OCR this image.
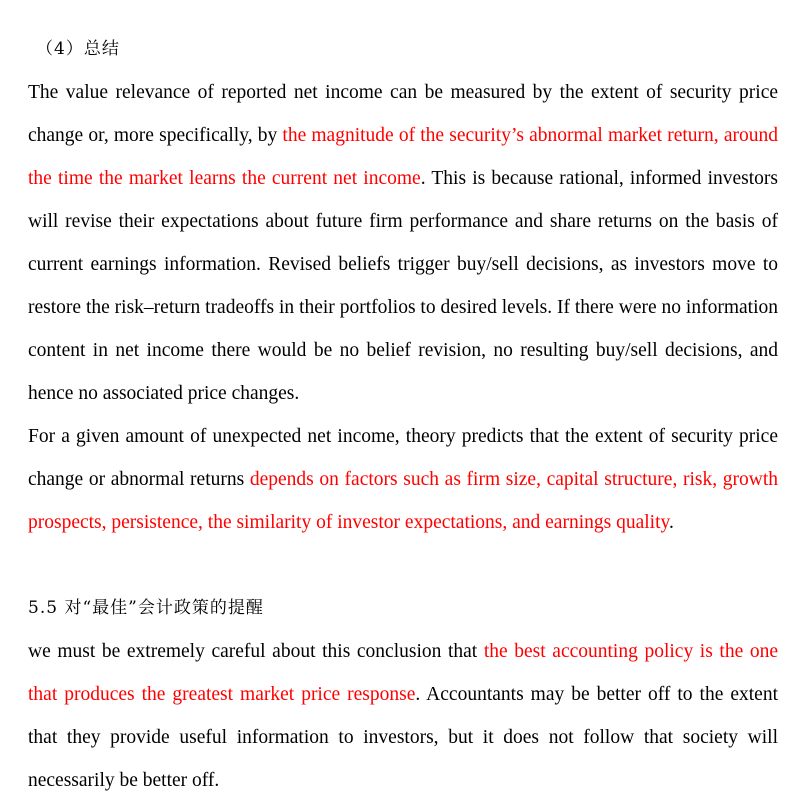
（4）总结

The value relevance of reported net income can be measured by the extent of security price change or, more specifically, by the magnitude of the security’s abnormal market return, around the time the market learns the current net income. This is because rational, informed investors will revise their expectations about future firm performance and share returns on the basis of current earnings information. Revised beliefs trigger buy/sell decisions, as investors move to restore the risk–return tradeoffs in their portfolios to desired levels. If there were no information content in net income there would be no belief revision, no resulting buy/sell decisions, and hence no associated price changes.

For a given amount of unexpected net income, theory predicts that the extent of security price change or abnormal returns depends on factors such as firm size, capital structure, risk, growth prospects, persistence, the similarity of investor expectations, and earnings quality.

5.5 对“最佳”会计政策的提醒

we must be extremely careful about this conclusion that the best accounting policy is the one that produces the greatest market price response. Accountants may be better off to the extent that they provide useful information to investors, but it does not follow that society will necessarily be better off.
